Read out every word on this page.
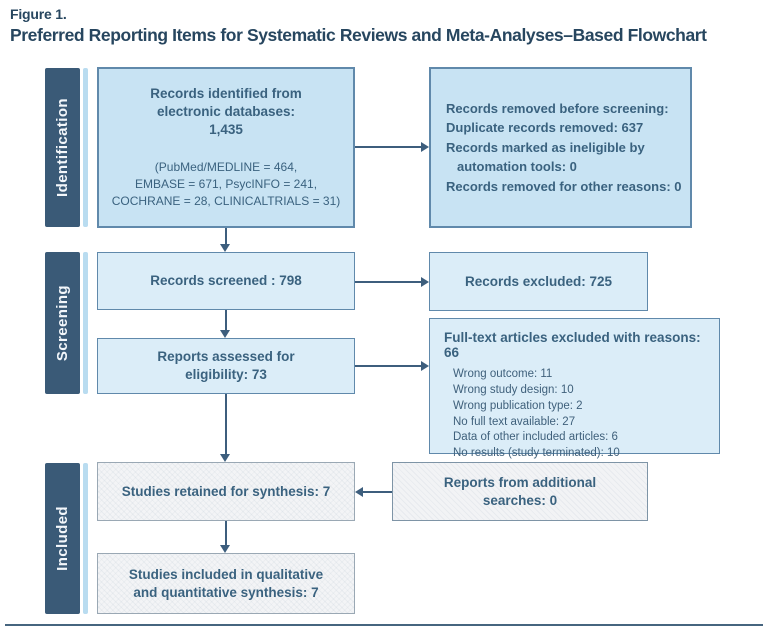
Figure 1.
Preferred Reporting Items for Systematic Reviews and Meta-Analyses–Based Flowchart
Identification
Screening
Included
Records identified from
electronic databases:
1,435
(PubMed/MEDLINE = 464,
EMBASE = 671, PsycINFO = 241,
COCHRANE = 28, CLINICALTRIALS = 31)
Records removed before screening:
Duplicate records removed: 637
Records marked as ineligible by
automation tools: 0
Records removed for other reasons: 0
Records screened : 798
Reports assessed for
eligibility: 73
Records excluded: 725
Full-text articles excluded with reasons: 66
Wrong outcome: 11
Wrong study design: 10
Wrong publication type: 2
No full text available: 27
Data of other included articles: 6
No results (study terminated): 10
Studies retained for synthesis: 7
Studies included in qualitative
and quantitative synthesis: 7
Reports from additional
searches: 0
